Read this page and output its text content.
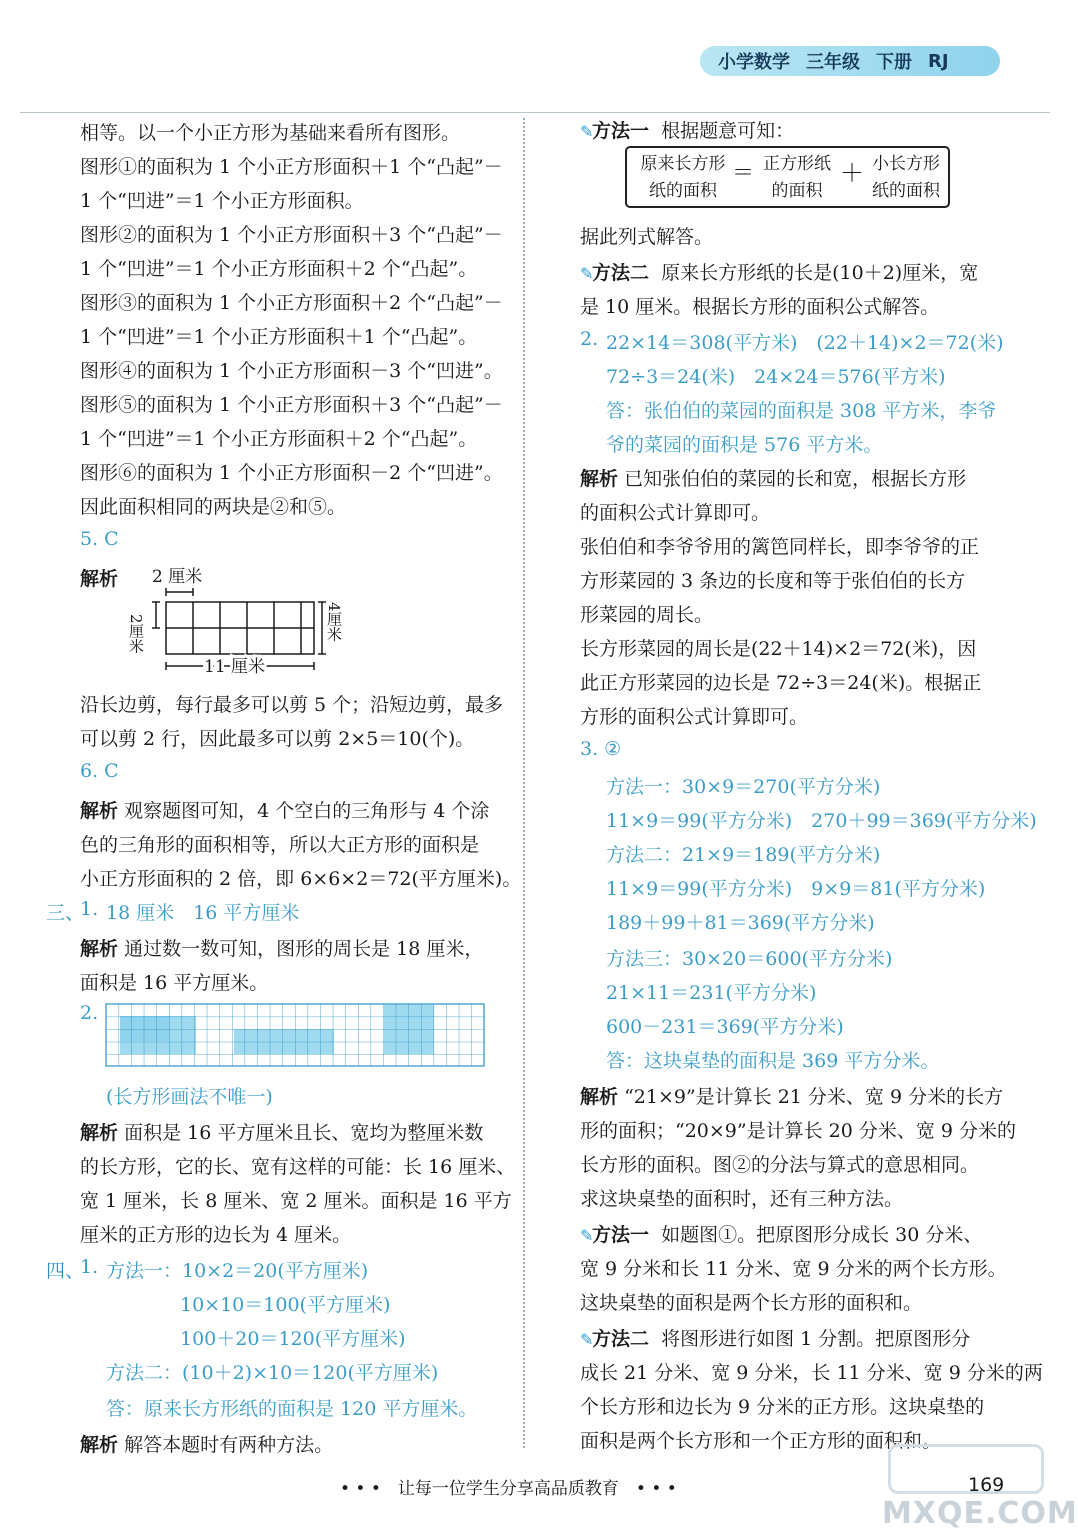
小学数学 三年级 下册 RJ
相等。以一个小正方形为基础来看所有图形。
图形①的面积为 1 个小正方形面积＋1 个“凸起”－
1 个“凹进”＝1 个小正方形面积。
图形②的面积为 1 个小正方形面积＋3 个“凸起”－
1 个“凹进”＝1 个小正方形面积＋2 个“凸起”。
图形③的面积为 1 个小正方形面积＋2 个“凸起”－
1 个“凹进”＝1 个小正方形面积＋1 个“凸起”。
图形④的面积为 1 个小正方形面积－3 个“凹进”。
图形⑤的面积为 1 个小正方形面积＋3 个“凸起”－
1 个“凹进”＝1 个小正方形面积＋2 个“凸起”。
图形⑥的面积为 1 个小正方形面积－2 个“凹进”。
因此面积相同的两块是②和⑤。
5. C
解析 2 厘米
2厘米	4厘米
11 厘米
沿长边剪，每行最多可以剪 5 个；沿短边剪，最多
可以剪 2 行，因此最多可以剪 2×5＝10(个)。
6. C
解析 观察题图可知，4 个空白的三角形与 4 个涂
色的三角形的面积相等，所以大正方形的面积是
小正方形面积的 2 倍，即 6×6×2＝72(平方厘米)。
三、
1. 18 厘米　16 平方厘米
解析 通过数一数可知，图形的周长是 18 厘米，
面积是 16 平方厘米。
2.
(长方形画法不唯一)
解析 面积是 16 平方厘米且长、宽均为整厘米数
的长方形，它的长、宽有这样的可能：长 16 厘米、
宽 1 厘米，长 8 厘米、宽 2 厘米。面积是 16 平方
厘米的正方形的边长为 4 厘米。
四、
1. 方法一：10×2＝20(平方厘米)
10×10＝100(平方厘米)
100＋20＝120(平方厘米)
方法二：(10＋2)×10＝120(平方厘米)
答：原来长方形纸的面积是 120 平方厘米。
解析 解答本题时有两种方法。
✎方法一 根据题意可知：
原来长方形
纸的面积
＝ 正方形纸
的面积
＋ 小长方形
纸的面积
据此列式解答。
✎方法二 原来长方形纸的长是(10＋2)厘米，宽
是 10 厘米。根据长方形的面积公式解答。
2. 22×14＝308(平方米)　(22＋14)×2＝72(米)
72÷3＝24(米)　24×24＝576(平方米)
答：张伯伯的菜园的面积是 308 平方米，李爷
爷的菜园的面积是 576 平方米。
解析 已知张伯伯的菜园的长和宽，根据长方形
的面积公式计算即可。
张伯伯和李爷爷用的篱笆同样长，即李爷爷的正
方形菜园的 3 条边的长度和等于张伯伯的长方
形菜园的周长。
长方形菜园的周长是(22＋14)×2＝72(米)，因
此正方形菜园的边长是 72÷3＝24(米)。根据正
方形的面积公式计算即可。
3. ②
方法一：30×9＝270(平方分米)
11×9＝99(平方分米)　270＋99＝369(平方分米)
方法二：21×9＝189(平方分米)
11×9＝99(平方分米)　9×9＝81(平方分米)
189＋99＋81＝369(平方分米)
方法三：30×20＝600(平方分米)
21×11＝231(平方分米)
600－231＝369(平方分米)
答：这块桌垫的面积是 369 平方分米。
解析 “21×9”是计算长 21 分米、宽 9 分米的长方
形的面积；“20×9”是计算长 20 分米、宽 9 分米的
长方形的面积。图②的分法与算式的意思相同。
求这块桌垫的面积时，还有三种方法。
✎方法一 如题图①。把原图形分成长 30 分米、
宽 9 分米和长 11 分米、宽 9 分米的两个长方形。
这块桌垫的面积是两个长方形的面积和。
✎方法二 将图形进行如图 1 分割。把原图形分
成长 21 分米、宽 9 分米，长 11 分米、宽 9 分米的两
个长方形和边长为 9 分米的正方形。这块桌垫的
面积是两个长方形和一个正方形的面积和。
• • •　让每一位学生分享高品质教育　• • •
MXQE.COM
169
